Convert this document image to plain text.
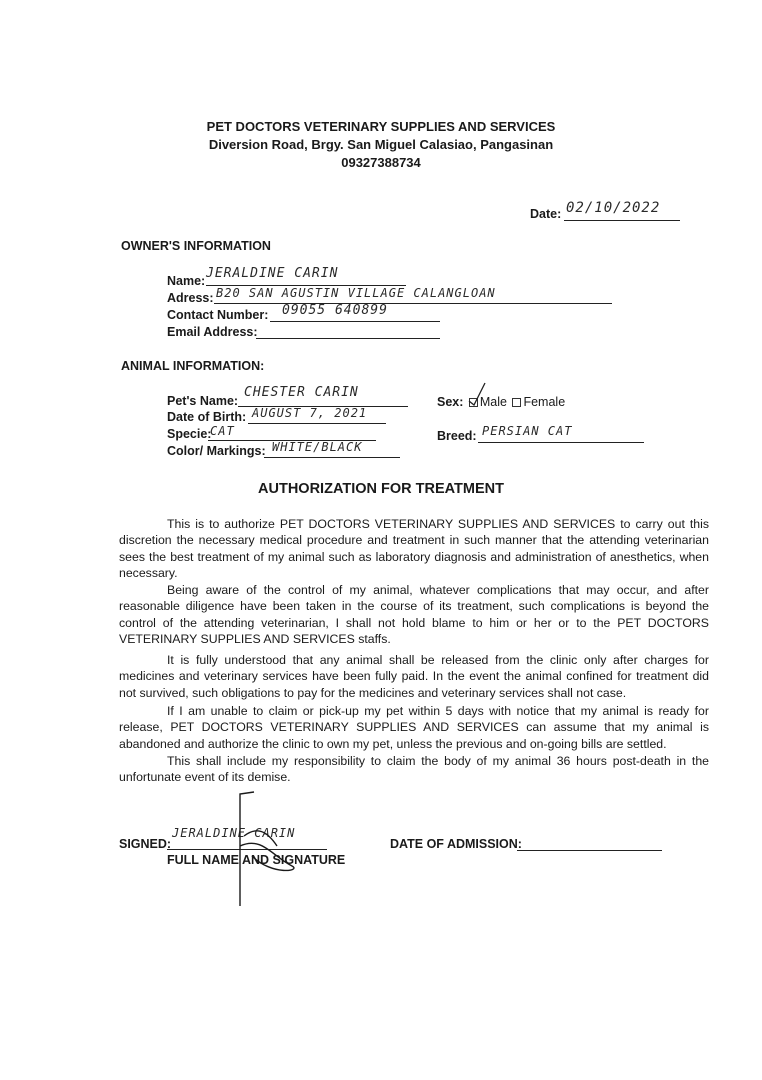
PET DOCTORS VETERINARY SUPPLIES AND SERVICES
Diversion Road, Brgy. San Miguel Calasiao, Pangasinan
09327388734
Date: 02/10/2022
OWNER'S INFORMATION
Name: JERALDINE CARIN
Adress: B20 SAN AGUSTIN VILLAGE CALANGLOAN
Contact Number: 09055 640899
Email Address:
ANIMAL INFORMATION:
Pet's Name:
CHESTER CARIN
Date of Birth: AUGUST 7, 2021
Specie:
CAT
Color/ Markings: WHITE/BLACK
Sex: Male Female
Breed: PERSIAN CAT
AUTHORIZATION FOR TREATMENT
This is to authorize PET DOCTORS VETERINARY SUPPLIES AND SERVICES to carry out this discretion the necessary medical procedure and treatment in such manner that the attending veterinarian sees the best treatment of my animal such as laboratory diagnosis and administration of anesthetics, when necessary.
Being aware of the control of my animal, whatever complications that may occur, and after reasonable diligence have been taken in the course of its treatment, such complications is beyond the control of the attending veterinarian, I shall not hold blame to him or her or to the PET DOCTORS VETERINARY SUPPLIES AND SERVICES staffs.
It is fully understood that any animal shall be released from the clinic only after charges for medicines and veterinary services have been fully paid. In the event the animal confined for treatment did not survived, such obligations to pay for the medicines and veterinary services shall not case.
If I am unable to claim or pick-up my pet within 5 days with notice that my animal is ready for release, PET DOCTORS VETERINARY SUPPLIES AND SERVICES can assume that my animal is abandoned and authorize the clinic to own my pet, unless the previous and on-going bills are settled.
This shall include my responsibility to claim the body of my animal 36 hours post-death in the unfortunate event of its demise.
SIGNED:
JERALDINE CARIN
FULL NAME AND SIGNATURE
DATE OF ADMISSION:
